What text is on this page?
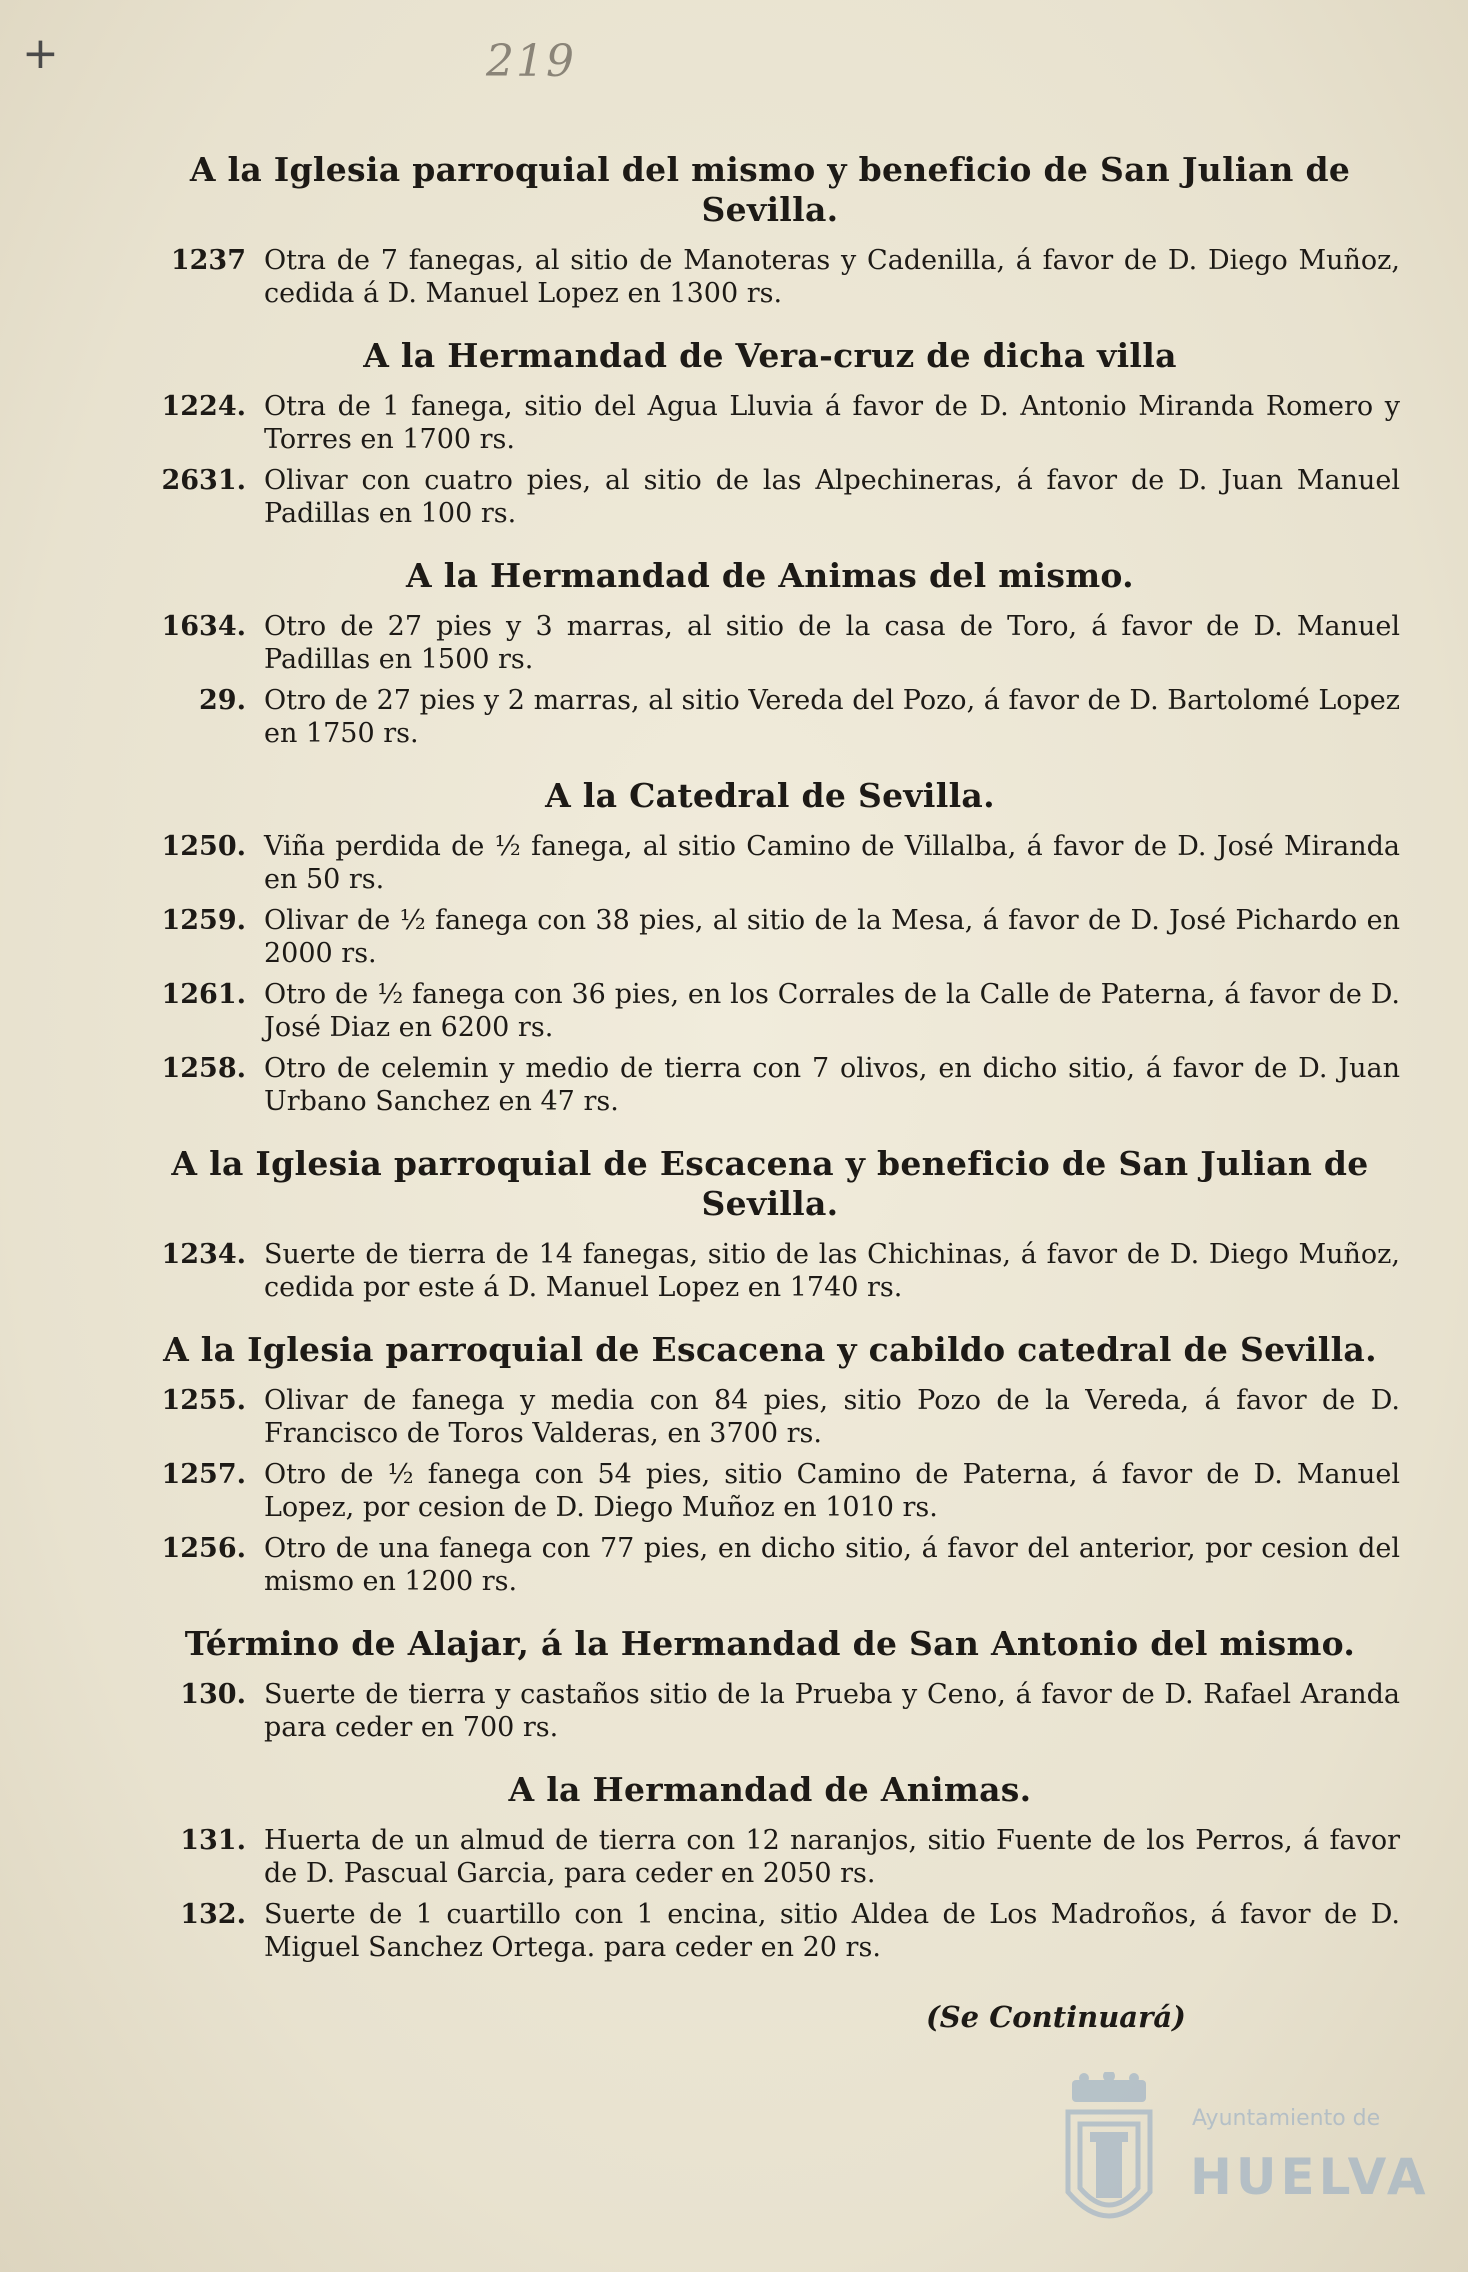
+	219
A la Iglesia parroquial del mismo y beneficio de San Julian de Sevilla.
1237 Otra de 7 fanegas, al sitio de Manoteras y Cadenilla, á favor de D. Diego Muñoz, cedida á D. Manuel Lopez en 1300 rs.
A la Hermandad de Vera-cruz de dicha villa
1224. Otra de 1 fanega, sitio del Agua Lluvia á favor de D. Antonio Miranda Romero y Torres en 1700 rs.
2631. Olivar con cuatro pies, al sitio de las Alpechineras, á favor de D. Juan Manuel Padillas en 100 rs.
A la Hermandad de Animas del mismo.
1634. Otro de 27 pies y 3 marras, al sitio de la casa de Toro, á favor de D. Manuel Padillas en 1500 rs.
29. Otro de 27 pies y 2 marras, al sitio Vereda del Pozo, á favor de D. Bartolomé Lopez en 1750 rs.
A la Catedral de Sevilla.
1250. Viña perdida de ½ fanega, al sitio Camino de Villalba, á favor de D. José Miranda en 50 rs.
1259. Olivar de ½ fanega con 38 pies, al sitio de la Mesa, á favor de D. José Pichardo en 2000 rs.
1261. Otro de ½ fanega con 36 pies, en los Corrales de la Calle de Paterna, á favor de D. José Diaz en 6200 rs.
1258. Otro de celemin y medio de tierra con 7 olivos, en dicho sitio, á favor de D. Juan Urbano Sanchez en 47 rs.
A la Iglesia parroquial de Escacena y beneficio de San Julian de Sevilla.
1234. Suerte de tierra de 14 fanegas, sitio de las Chichinas, á favor de D. Diego Muñoz, cedida por este á D. Manuel Lopez en 1740 rs.
A la Iglesia parroquial de Escacena y cabildo catedral de Sevilla.
1255. Olivar de fanega y media con 84 pies, sitio Pozo de la Vereda, á favor de D. Francisco de Toros Valderas, en 3700 rs.
1257. Otro de ½ fanega con 54 pies, sitio Camino de Paterna, á favor de D. Manuel Lopez, por cesion de D. Diego Muñoz en 1010 rs.
1256. Otro de una fanega con 77 pies, en dicho sitio, á favor del anterior, por cesion del mismo en 1200 rs.
Término de Alajar, á la Hermandad de San Antonio del mismo.
130. Suerte de tierra y castaños sitio de la Prueba y Ceno, á favor de D. Rafael Aranda para ceder en 700 rs.
A la Hermandad de Animas.
131. Huerta de un almud de tierra con 12 naranjos, sitio Fuente de los Perros, á favor de D. Pascual Garcia, para ceder en 2050 rs.
132. Suerte de 1 cuartillo con 1 encina, sitio Aldea de Los Madroños, á favor de D. Miguel Sanchez Ortega. para ceder en 20 rs.
(Se Continuará)
Ayuntamiento de
HUELVA
